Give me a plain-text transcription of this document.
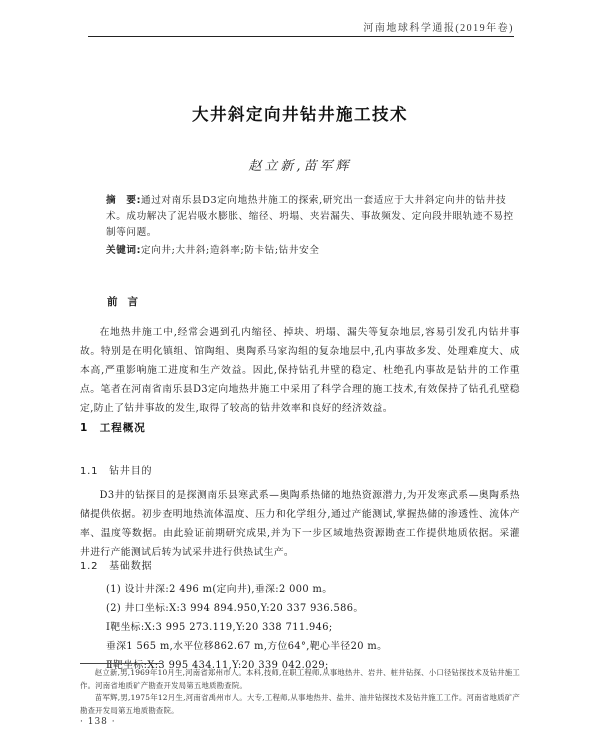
河南地球科学通报(2019年卷)
大井斜定向井钻井施工技术
赵立新,苗军辉
摘　要:通过对南乐县D3定向地热井施工的探索,研究出一套适应于大井斜定向井的钻井技术。成功解决了泥岩吸水膨胀、缩径、坍塌、夹岩漏失、事故频发、定向段井眼轨迹不易控制等问题。
关键词:定向井;大井斜;造斜率;防卡钻;钻井安全
前言

在地热井施工中,经常会遇到孔内缩径、掉块、坍塌、漏失等复杂地层,容易引发孔内钻井事故。特别是在明化镇组、馆陶组、奥陶系马家沟组的复杂地层中,孔内事故多发、处理难度大、成本高,严重影响施工进度和生产效益。因此,保持钻孔井壁的稳定、杜绝孔内事故是钻井的工作重点。笔者在河南省南乐县D3定向地热井施工中采用了科学合理的施工技术,有效保持了钻孔孔壁稳定,防止了钻井事故的发生,取得了较高的钻井效率和良好的经济效益。

1　工程概况
1.1　钻井目的

D3井的钻探目的是探测南乐县寒武系—奥陶系热储的地热资源潜力,为开发寒武系—奥陶系热储提供依据。初步查明地热流体温度、压力和化学组分,通过产能测试,掌握热储的渗透性、流体产率、温度等数据。由此验证前期研究成果,并为下一步区域地热资源勘查工作提供地质依据。采灌井进行产能测试后转为试采井进行供热试生产。

1.2　基础数据
(1) 设计井深:2 496 m(定向井),垂深:2 000 m。
(2) 井口坐标:X:3 994 894.950,Y:20 337 936.586。
Ⅰ靶坐标:X:3 995 273.119,Y:20 338 711.946;
垂深1 565 m,水平位移862.67 m,方位64°,靶心半径20 m。
Ⅱ靶坐标:X:3 995 434.11,Y:20 339 042.029;
赵立新,男,1969年10月生,河南省郑州市人。本科,技师,在职工程师,从事地热井、岩井、桩井钻探、小口径钻探技术及钻井施工作。河南省地质矿产勘查开发局第五地质勘查院。
苗军辉,男,1975年12月生,河南省禹州市人。大专,工程师,从事地热井、盐井、油井钻探技术及钻井施工工作。河南省地质矿产勘查开发局第五地质勘查院。
· 138 ·
